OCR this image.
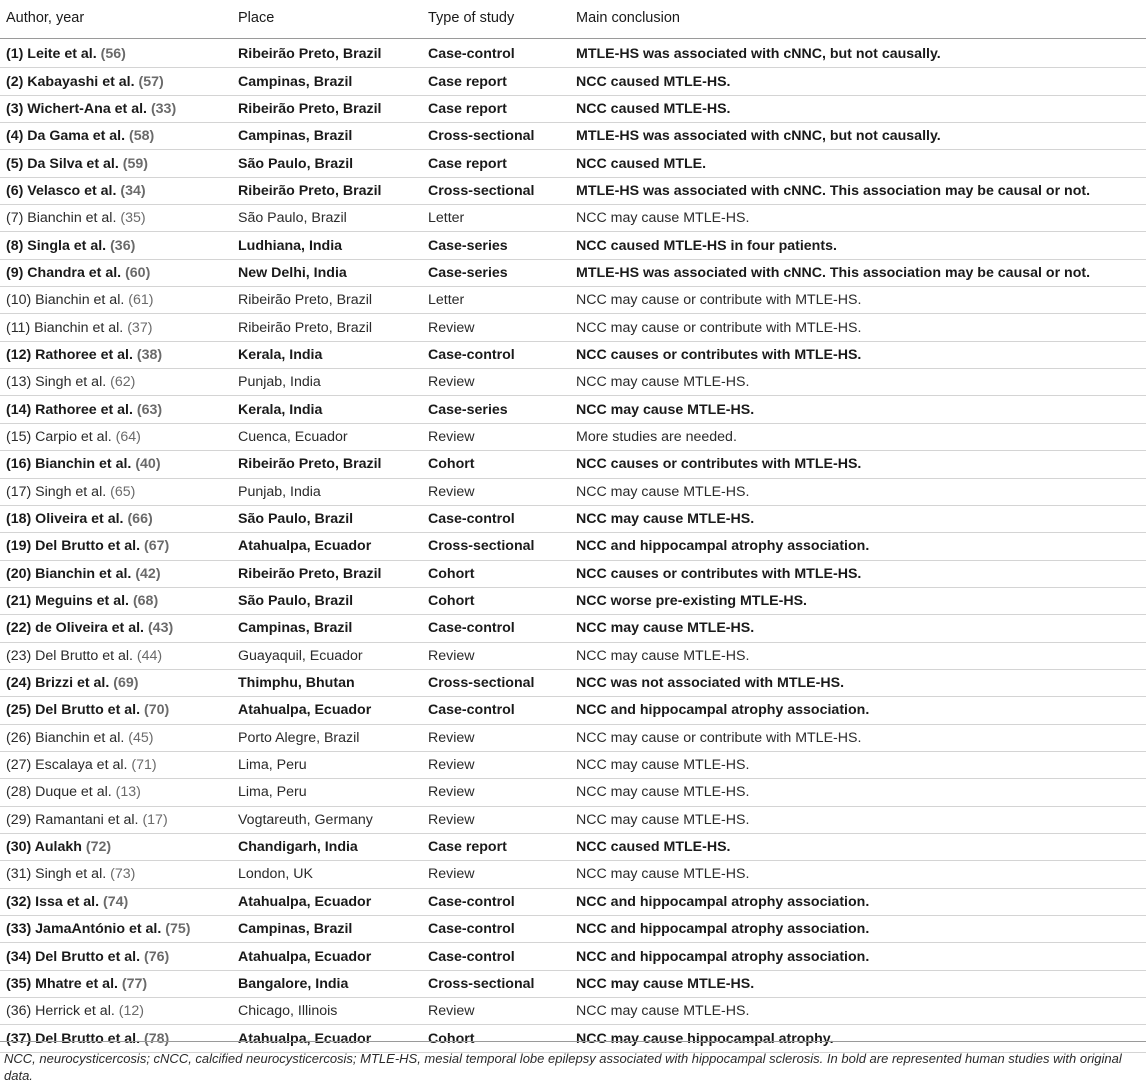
Author, year	Place	Type of study	Main conclusion
(1) Leite et al. (56)	Ribeirão Preto, Brazil	Case-control	MTLE-HS was associated with cNNC, but not causally.
(2) Kabayashi et al. (57)	Campinas, Brazil	Case report	NCC caused MTLE-HS.
(3) Wichert-Ana et al. (33)	Ribeirão Preto, Brazil	Case report	NCC caused MTLE-HS.
(4) Da Gama et al. (58)	Campinas, Brazil	Cross-sectional	MTLE-HS was associated with cNNC, but not causally.
(5) Da Silva et al. (59)	São Paulo, Brazil	Case report	NCC caused MTLE.
(6) Velasco et al. (34)	Ribeirão Preto, Brazil	Cross-sectional	MTLE-HS was associated with cNNC. This association may be causal or not.
(7) Bianchin et al. (35)	São Paulo, Brazil	Letter	NCC may cause MTLE-HS.
(8) Singla et al. (36)	Ludhiana, India	Case-series	NCC caused MTLE-HS in four patients.
(9) Chandra et al. (60)	New Delhi, India	Case-series	MTLE-HS was associated with cNNC. This association may be causal or not.
(10) Bianchin et al. (61)	Ribeirão Preto, Brazil	Letter	NCC may cause or contribute with MTLE-HS.
(11) Bianchin et al. (37)	Ribeirão Preto, Brazil	Review	NCC may cause or contribute with MTLE-HS.
(12) Rathoree et al. (38)	Kerala, India	Case-control	NCC causes or contributes with MTLE-HS.
(13) Singh et al. (62)	Punjab, India	Review	NCC may cause MTLE-HS.
(14) Rathoree et al. (63)	Kerala, India	Case-series	NCC may cause MTLE-HS.
(15) Carpio et al. (64)	Cuenca, Ecuador	Review	More studies are needed.
(16) Bianchin et al. (40)	Ribeirão Preto, Brazil	Cohort	NCC causes or contributes with MTLE-HS.
(17) Singh et al. (65)	Punjab, India	Review	NCC may cause MTLE-HS.
(18) Oliveira et al. (66)	São Paulo, Brazil	Case-control	NCC may cause MTLE-HS.
(19) Del Brutto et al. (67)	Atahualpa, Ecuador	Cross-sectional	NCC and hippocampal atrophy association.
(20) Bianchin et al. (42)	Ribeirão Preto, Brazil	Cohort	NCC causes or contributes with MTLE-HS.
(21) Meguins et al. (68)	São Paulo, Brazil	Cohort	NCC worse pre-existing MTLE-HS.
(22) de Oliveira et al. (43)	Campinas, Brazil	Case-control	NCC may cause MTLE-HS.
(23) Del Brutto et al. (44)	Guayaquil, Ecuador	Review	NCC may cause MTLE-HS.
(24) Brizzi et al. (69)	Thimphu, Bhutan	Cross-sectional	NCC was not associated with MTLE-HS.
(25) Del Brutto et al. (70)	Atahualpa, Ecuador	Case-control	NCC and hippocampal atrophy association.
(26) Bianchin et al. (45)	Porto Alegre, Brazil	Review	NCC may cause or contribute with MTLE-HS.
(27) Escalaya et al. (71)	Lima, Peru	Review	NCC may cause MTLE-HS.
(28) Duque et al. (13)	Lima, Peru	Review	NCC may cause MTLE-HS.
(29) Ramantani et al. (17)	Vogtareuth, Germany	Review	NCC may cause MTLE-HS.
(30) Aulakh (72)	Chandigarh, India	Case report	NCC caused MTLE-HS.
(31) Singh et al. (73)	London, UK	Review	NCC may cause MTLE-HS.
(32) Issa et al. (74)	Atahualpa, Ecuador	Case-control	NCC and hippocampal atrophy association.
(33) JamaAntónio et al. (75)	Campinas, Brazil	Case-control	NCC and hippocampal atrophy association.
(34) Del Brutto et al. (76)	Atahualpa, Ecuador	Case-control	NCC and hippocampal atrophy association.
(35) Mhatre et al. (77)	Bangalore, India	Cross-sectional	NCC may cause MTLE-HS.
(36) Herrick et al. (12)	Chicago, Illinois	Review	NCC may cause MTLE-HS.
(37) Del Brutto et al. (78)	Atahualpa, Ecuador	Cohort	NCC may cause hippocampal atrophy.
NCC, neurocysticercosis; cNCC, calcified neurocysticercosis; MTLE-HS, mesial temporal lobe epilepsy associated with hippocampal sclerosis. In bold are represented human studies with original data.
